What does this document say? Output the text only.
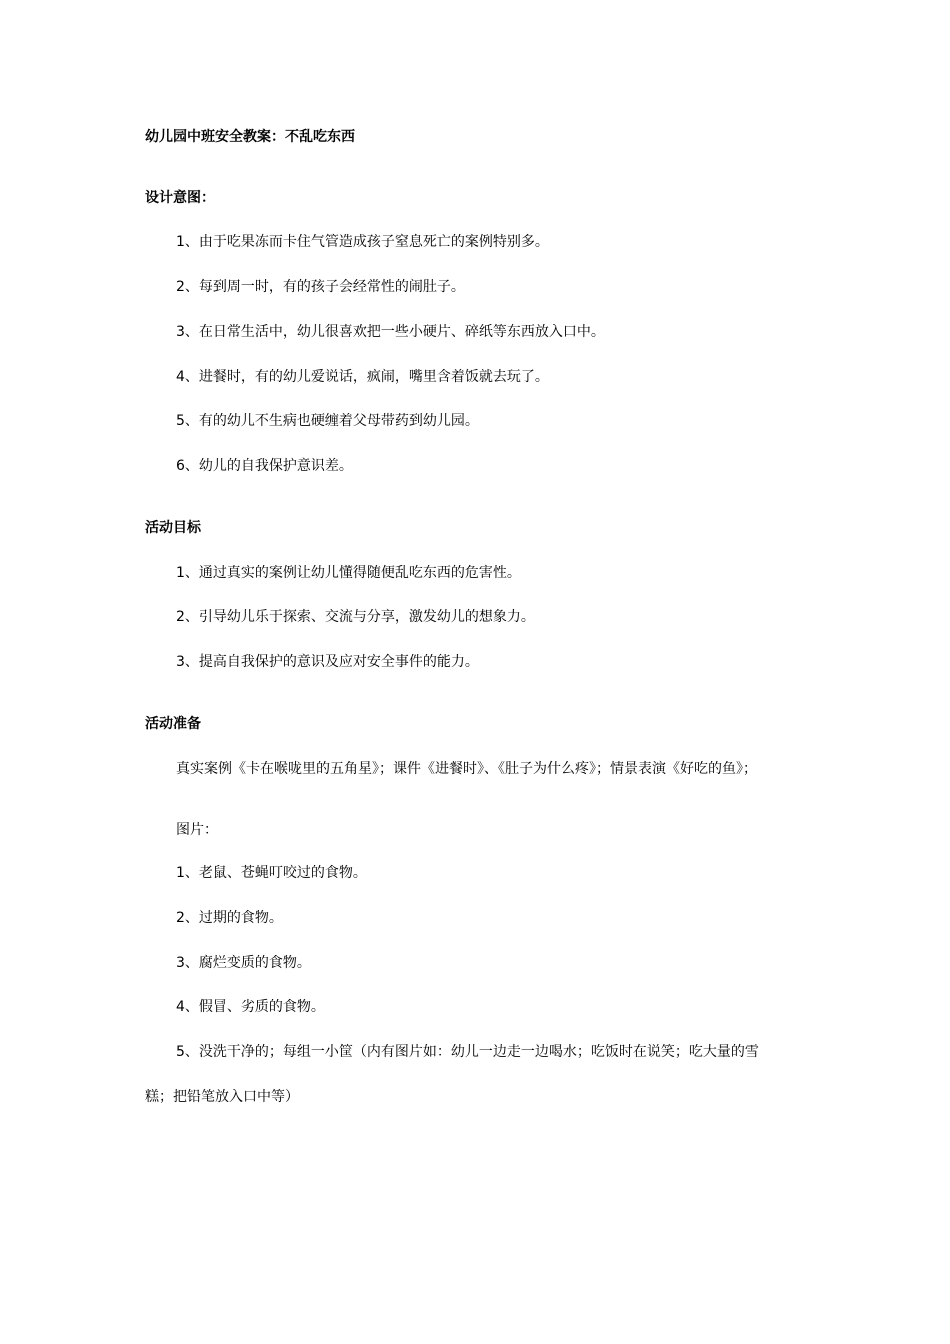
幼儿园中班安全教案：不乱吃东西
设计意图：
1、由于吃果冻而卡住气管造成孩子窒息死亡的案例特别多。
2、每到周一时，有的孩子会经常性的闹肚子。
3、在日常生活中，幼儿很喜欢把一些小硬片、碎纸等东西放入口中。
4、进餐时，有的幼儿爱说话，疯闹，嘴里含着饭就去玩了。
5、有的幼儿不生病也硬缠着父母带药到幼儿园。
6、幼儿的自我保护意识差。
活动目标
1、通过真实的案例让幼儿懂得随便乱吃东西的危害性。
2、引导幼儿乐于探索、交流与分享，激发幼儿的想象力。
3、提高自我保护的意识及应对安全事件的能力。
活动准备
真实案例《卡在喉咙里的五角星》；课件《进餐时》、《肚子为什么疼》；情景表演《好吃的鱼》；
图片：
1、老鼠、苍蝇叮咬过的食物。
2、过期的食物。
3、腐烂变质的食物。
4、假冒、劣质的食物。
5、没洗干净的；每组一小筐（内有图片如：幼儿一边走一边喝水；吃饭时在说笑；吃大量的雪
糕；把铅笔放入口中等）
